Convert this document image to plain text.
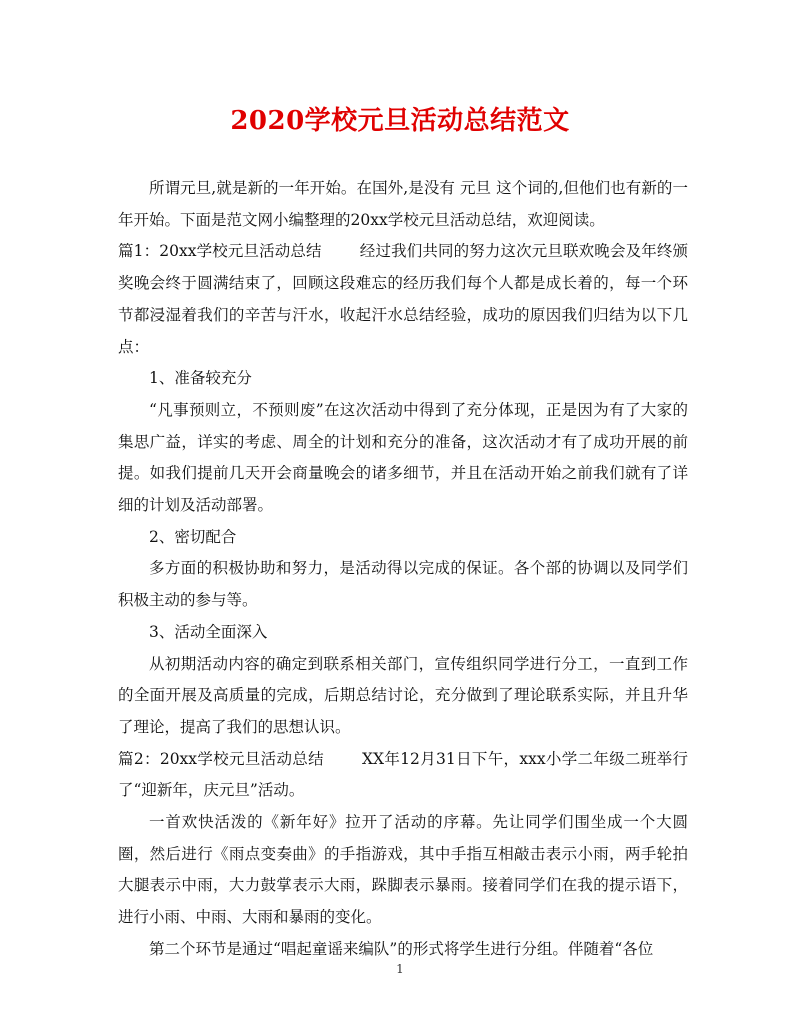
2020学校元旦活动总结范文

所谓元旦,就是新的一年开始。在国外,是没有 元旦 这个词的,但他们也有新的一年开始。下面是范文网小编整理的20xx学校元旦活动总结，欢迎阅读。

篇1：20xx学校元旦活动总结 经过我们共同的努力这次元旦联欢晚会及年终颁奖晚会终于圆满结束了，回顾这段难忘的经历我们每个人都是成长着的，每一个环节都浸湿着我们的辛苦与汗水，收起汗水总结经验，成功的原因我们归结为以下几点：

1、准备较充分

“凡事预则立，不预则废”在这次活动中得到了充分体现，正是因为有了大家的集思广益，详实的考虑、周全的计划和充分的准备，这次活动才有了成功开展的前提。如我们提前几天开会商量晚会的诸多细节，并且在活动开始之前我们就有了详细的计划及活动部署。

2、密切配合

多方面的积极协助和努力，是活动得以完成的保证。各个部的协调以及同学们积极主动的参与等。

3、活动全面深入

从初期活动内容的确定到联系相关部门，宣传组织同学进行分工，一直到工作的全面开展及高质量的完成，后期总结讨论，充分做到了理论联系实际，并且升华了理论，提高了我们的思想认识。

篇2：20xx学校元旦活动总结 XX年12月31日下午，xxx小学二年级二班举行了“迎新年，庆元旦”活动。

一首欢快活泼的《新年好》拉开了活动的序幕。先让同学们围坐成一个大圆圈，然后进行《雨点变奏曲》的手指游戏，其中手指互相敲击表示小雨，两手轮拍大腿表示中雨，大力鼓掌表示大雨，跺脚表示暴雨。接着同学们在我的提示语下，进行小雨、中雨、大雨和暴雨的变化。

第二个环节是通过“唱起童谣来编队”的形式将学生进行分组。伴随着“各位

1
